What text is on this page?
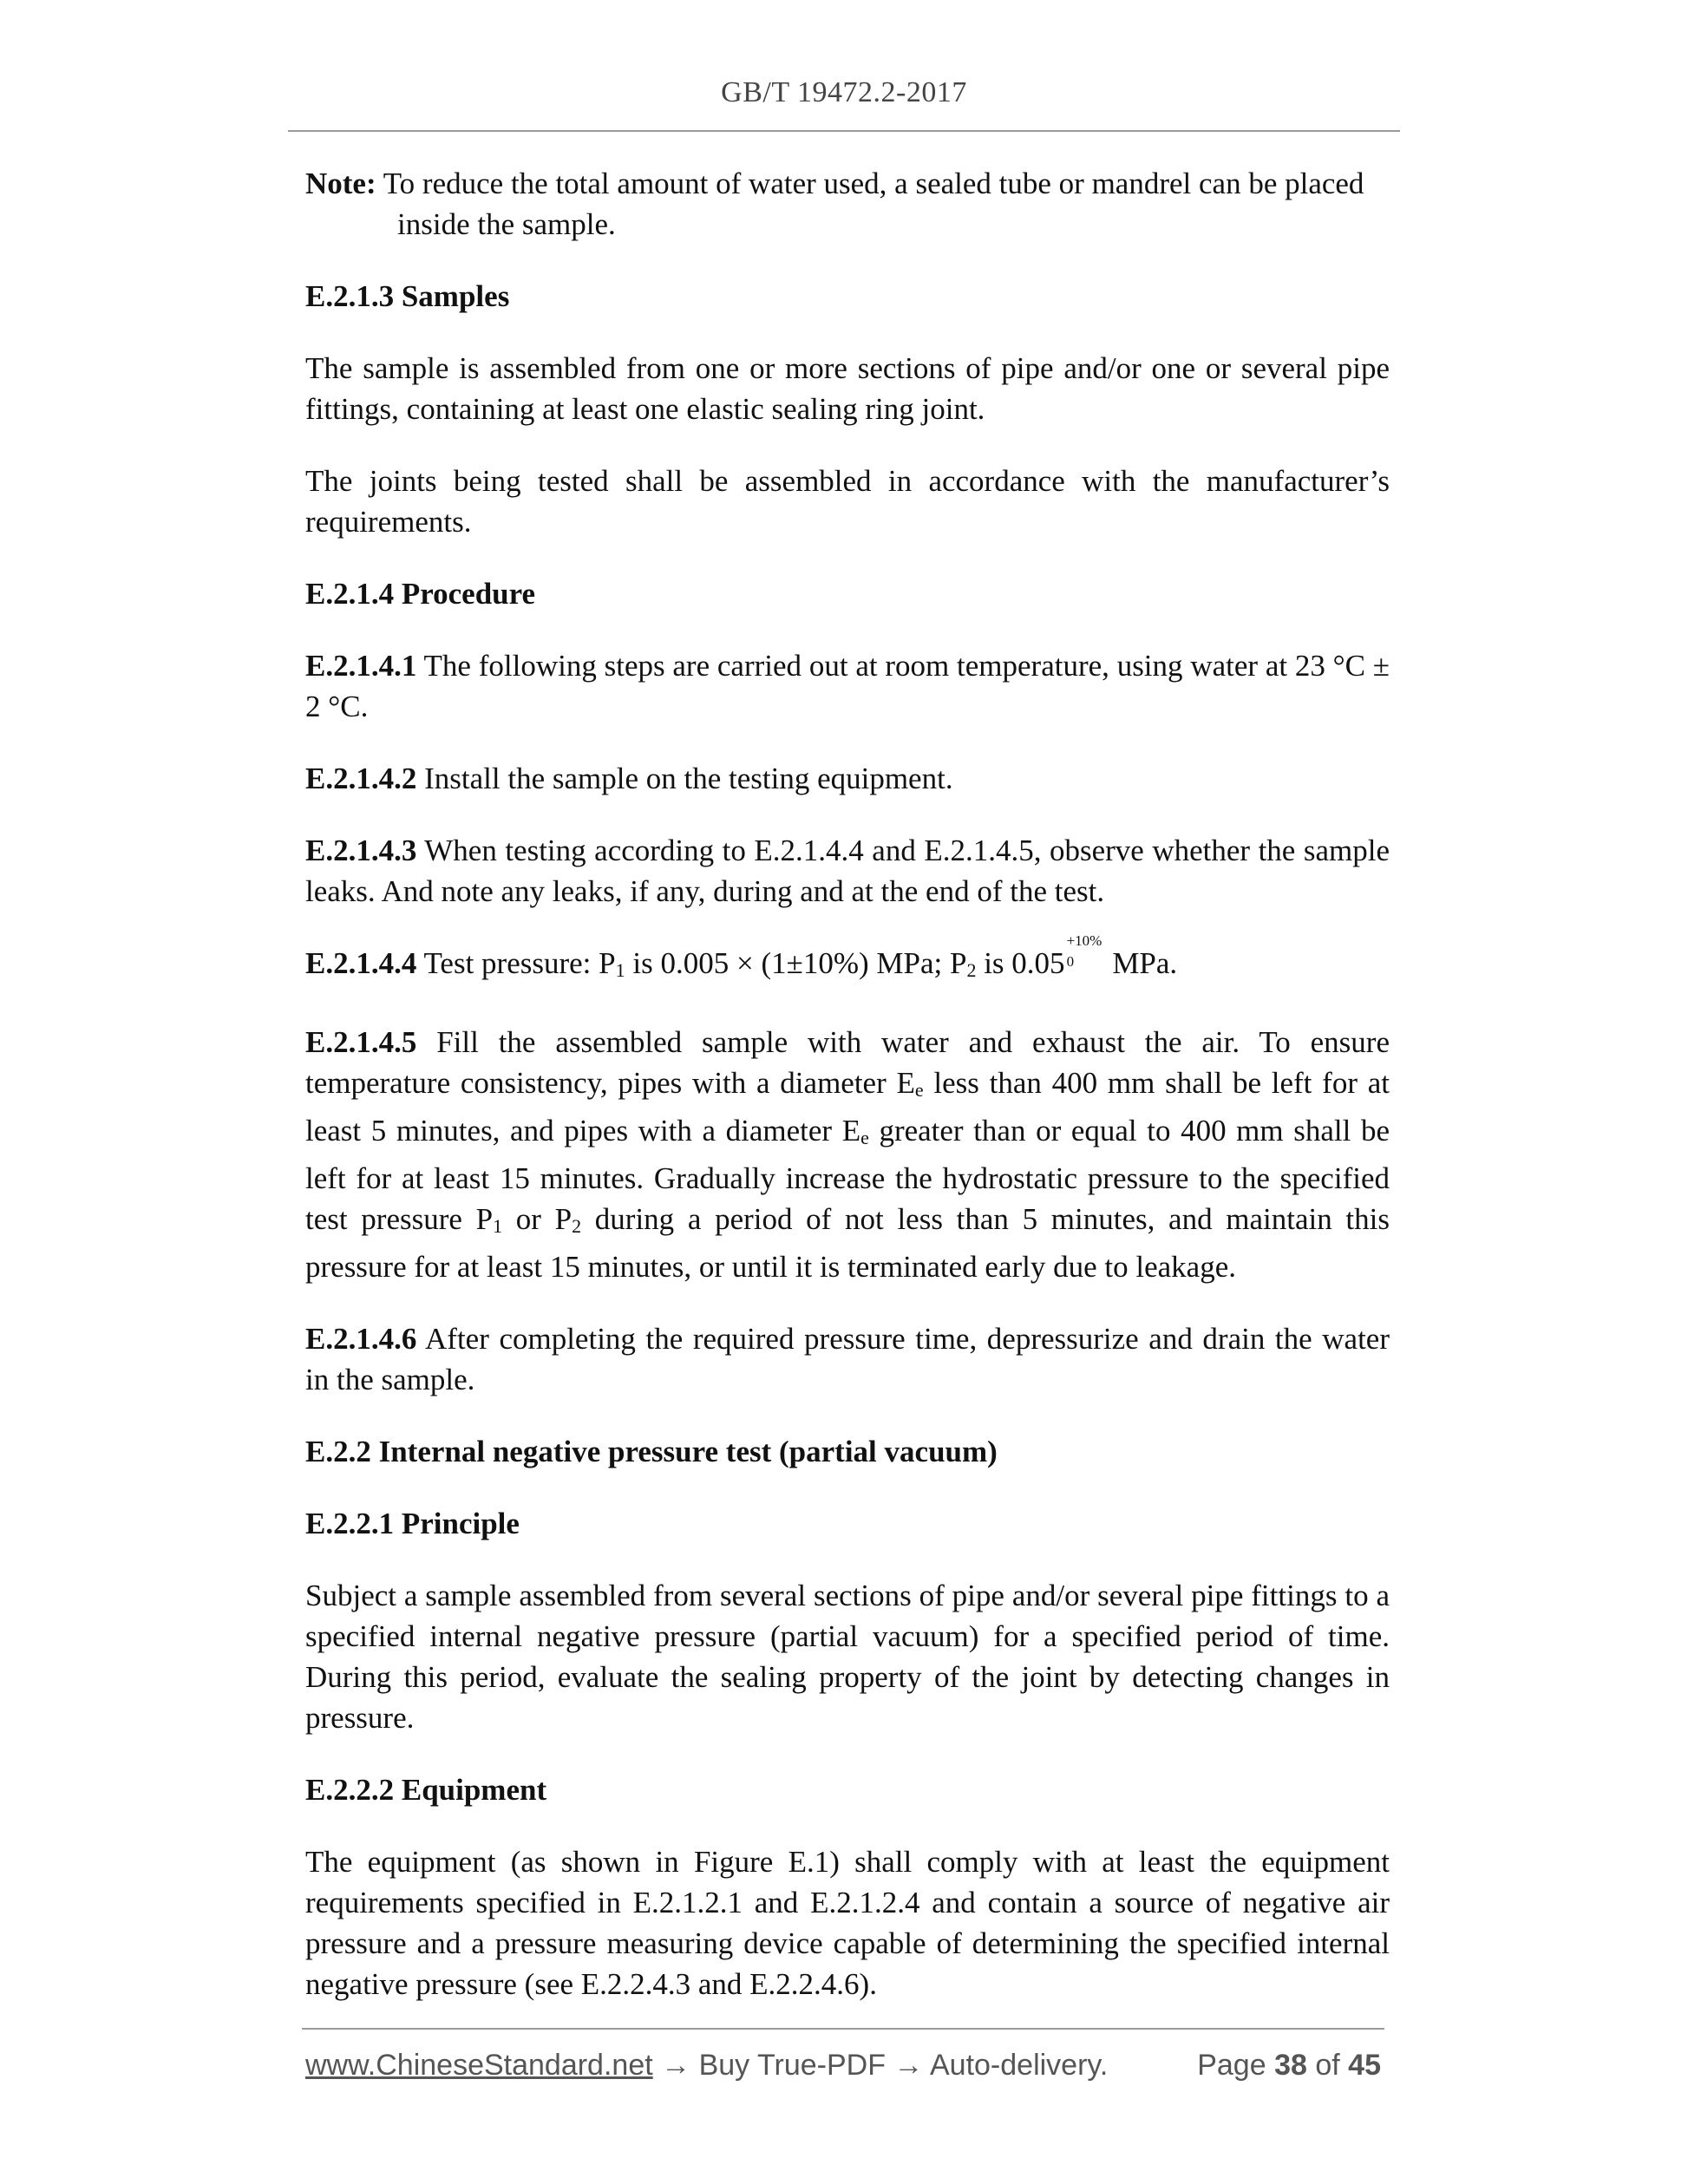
GB/T 19472.2-2017

Note: To reduce the total amount of water used, a sealed tube or mandrel can be placed inside the sample.

E.2.1.3 Samples

The sample is assembled from one or more sections of pipe and/or one or several pipe fittings, containing at least one elastic sealing ring joint.

The joints being tested shall be assembled in accordance with the manufacturer’s requirements.

E.2.1.4 Procedure

E.2.1.4.1 The following steps are carried out at room temperature, using water at 23 °C ± 2 °C.

E.2.1.4.2 Install the sample on the testing equipment.

E.2.1.4.3 When testing according to E.2.1.4.4 and E.2.1.4.5, observe whether the sample leaks. And note any leaks, if any, during and at the end of the test.

E.2.1.4.4 Test pressure: P1 is 0.005 × (1±10%) MPa; P2 is 0.05
+10%
0 MPa.

E.2.1.4.5 Fill the assembled sample with water and exhaust the air. To ensure temperature consistency, pipes with a diameter Ee less than 400 mm shall be left for at least 5 minutes, and pipes with a diameter Ee greater than or equal to 400 mm shall be left for at least 15 minutes. Gradually increase the hydrostatic pressure to the specified test pressure P1 or P2 during a period of not less than 5 minutes, and maintain this pressure for at least 15 minutes, or until it is terminated early due to leakage.

E.2.1.4.6 After completing the required pressure time, depressurize and drain the water in the sample.

E.2.2 Internal negative pressure test (partial vacuum)

E.2.2.1 Principle

Subject a sample assembled from several sections of pipe and/or several pipe fittings to a specified internal negative pressure (partial vacuum) for a specified period of time. During this period, evaluate the sealing property of the joint by detecting changes in pressure.

E.2.2.2 Equipment

The equipment (as shown in Figure E.1) shall comply with at least the equipment requirements specified in E.2.1.2.1 and E.2.1.2.4 and contain a source of negative air pressure and a pressure measuring device capable of determining the specified internal negative pressure (see E.2.2.4.3 and E.2.2.4.6).

www.ChineseStandard.net → Buy True-PDF → Auto-delivery.	Page 38 of 45
